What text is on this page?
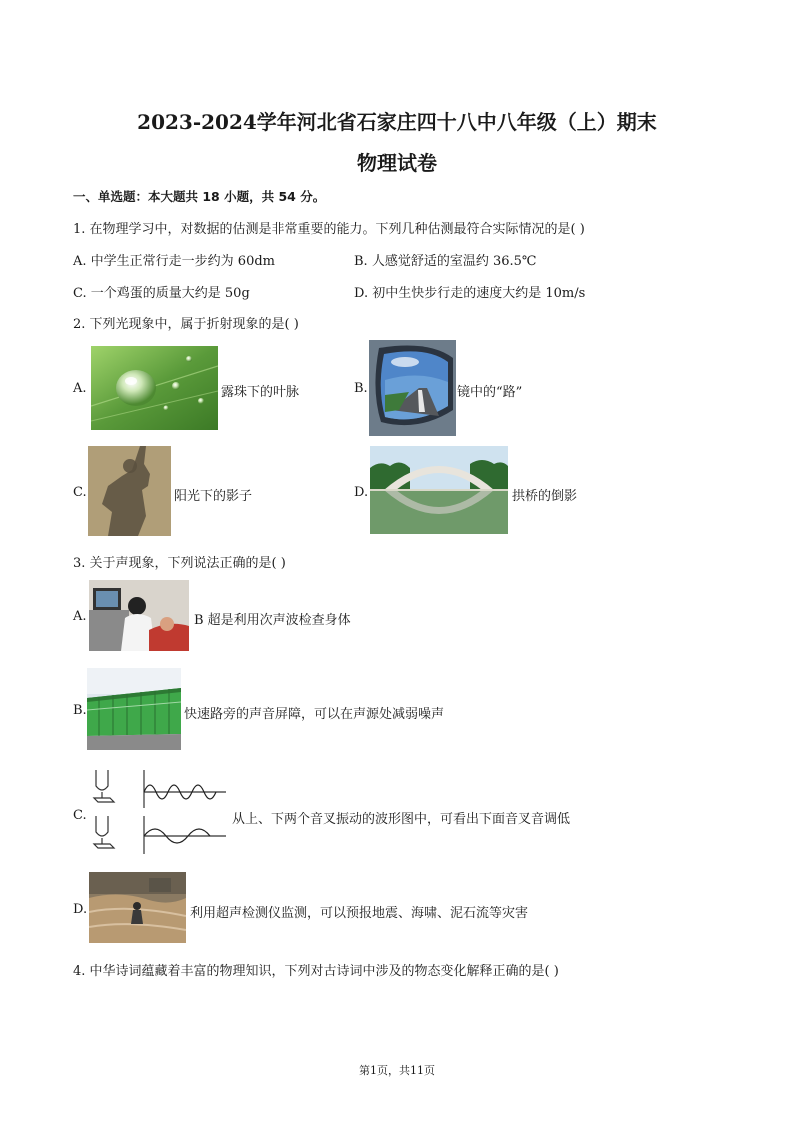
2023-2024学年河北省石家庄四十八中八年级（上）期末
物理试卷
一、单选题：本大题共 18 小题，共 54 分。
1. 在物理学习中，对数据的估测是非常重要的能力。下列几种估测最符合实际情况的是( )
A. 中学生正常行走一步约为 60dm	B. 人感觉舒适的室温约 36.5℃
C. 一个鸡蛋的质量大约是 50g	D. 初中生快步行走的速度大约是 10m/s
2. 下列光现象中，属于折射现象的是( )
A.	露珠下的叶脉	B.	镜中的“路”
C.	阳光下的影子	D.	拱桥的倒影
3. 关于声现象，下列说法正确的是( )
A.	B 超是利用次声波检查身体
B.	快速路旁的声音屏障，可以在声源处减弱噪声
C.	从上、下两个音叉振动的波形图中，可看出下面音叉音调低
D.	利用超声检测仪监测，可以预报地震、海啸、泥石流等灾害
4. 中华诗词蕴藏着丰富的物理知识，下列对古诗词中涉及的物态变化解释正确的是( )
第1页，共11页
